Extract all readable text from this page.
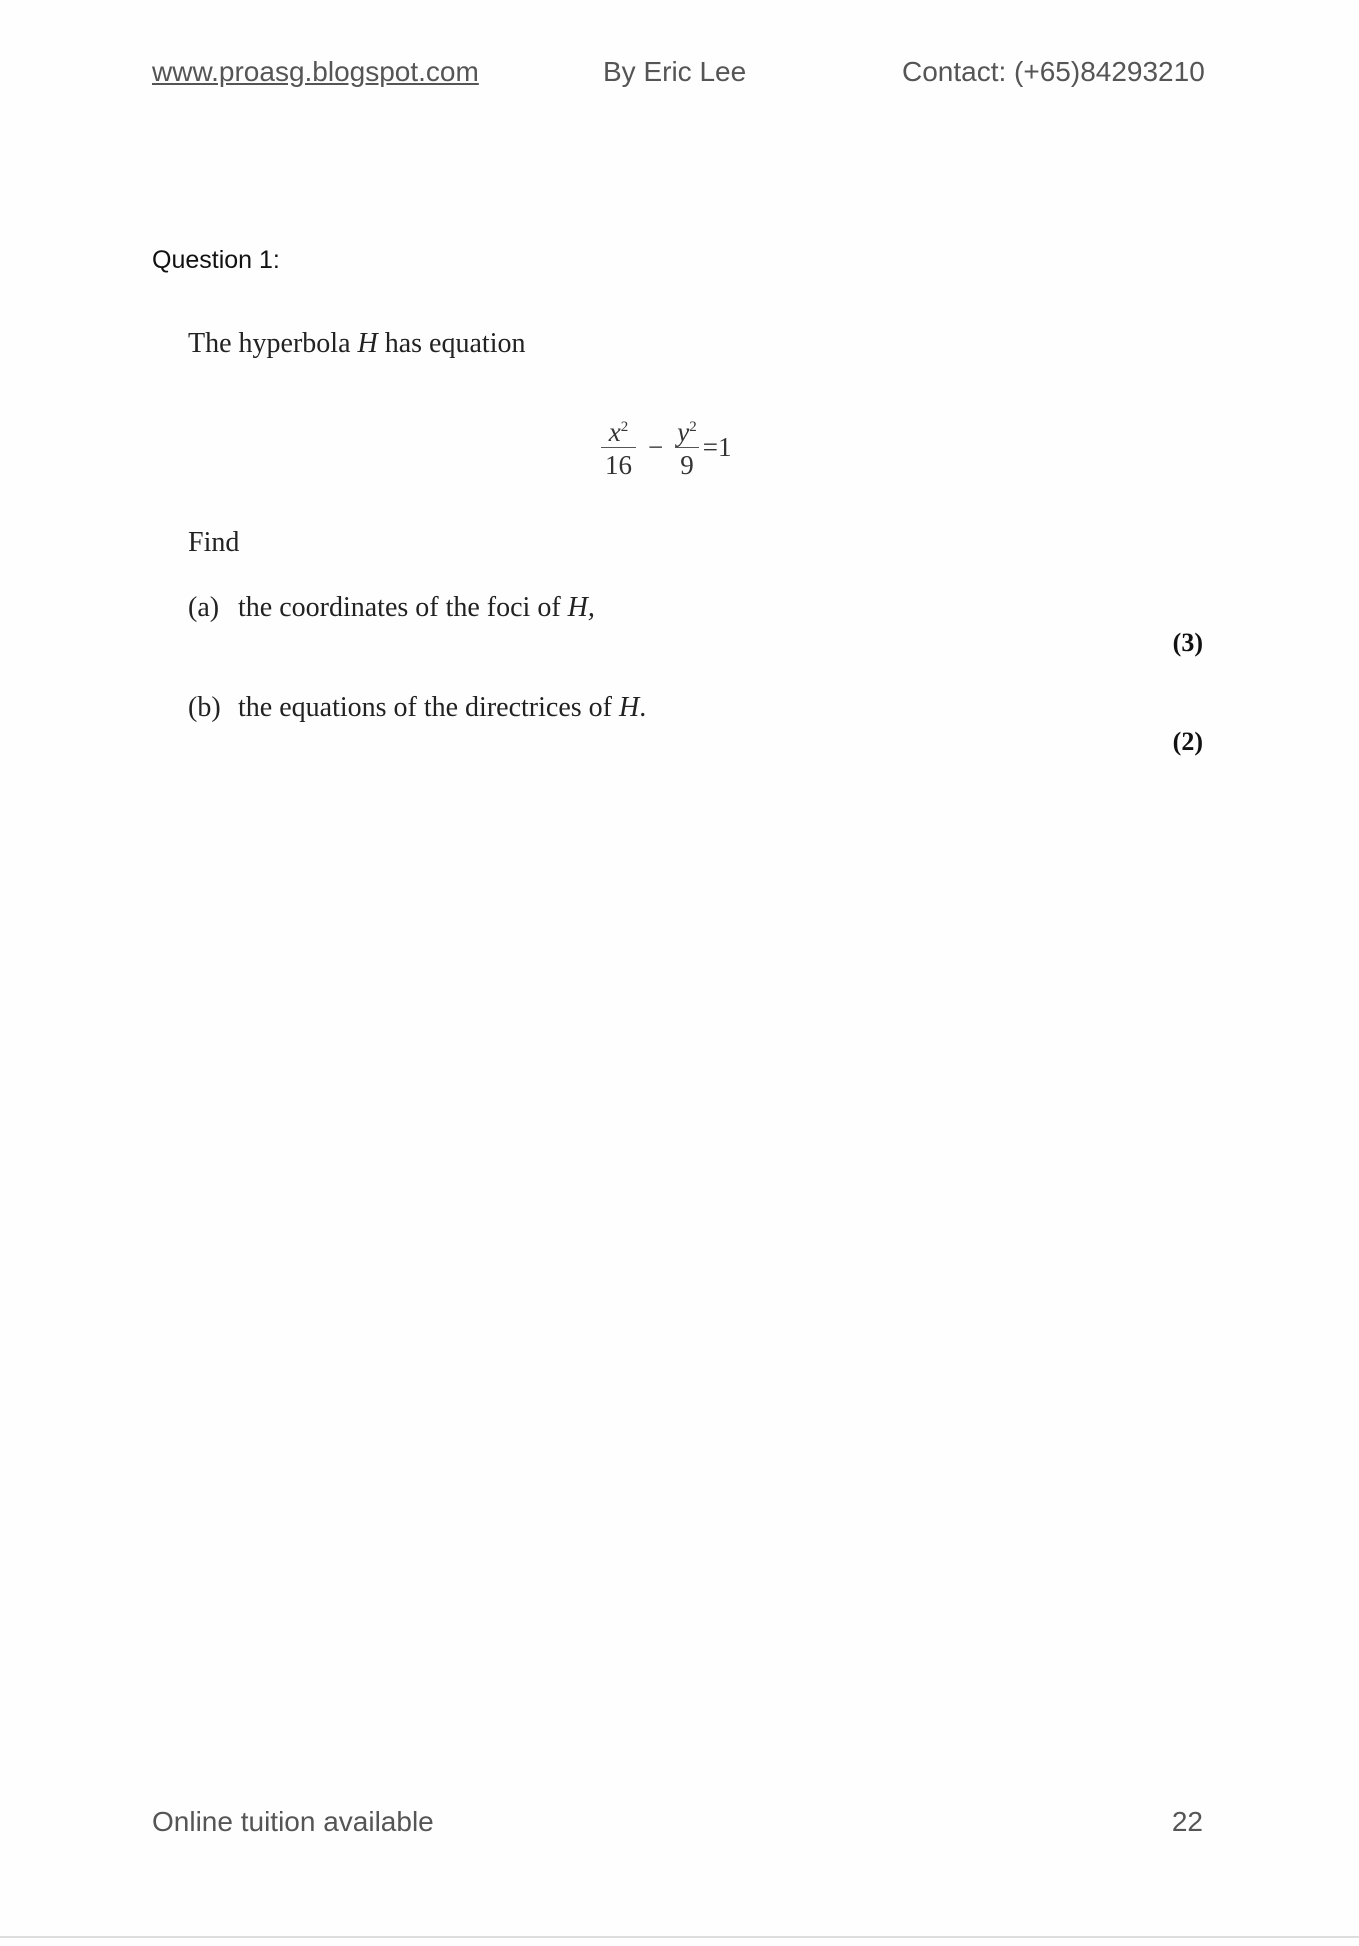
www.proasg.blogspot.com	By Eric Lee	Contact: (+65)84293210
Question 1:
The hyperbola H has equation
$\frac{x^2}{16} - \frac{y^2}{9} =1$
Find
(a) the coordinates of the foci of H,
(3)
(b) the equations of the directrices of H.
(2)
Online tuition available	22
